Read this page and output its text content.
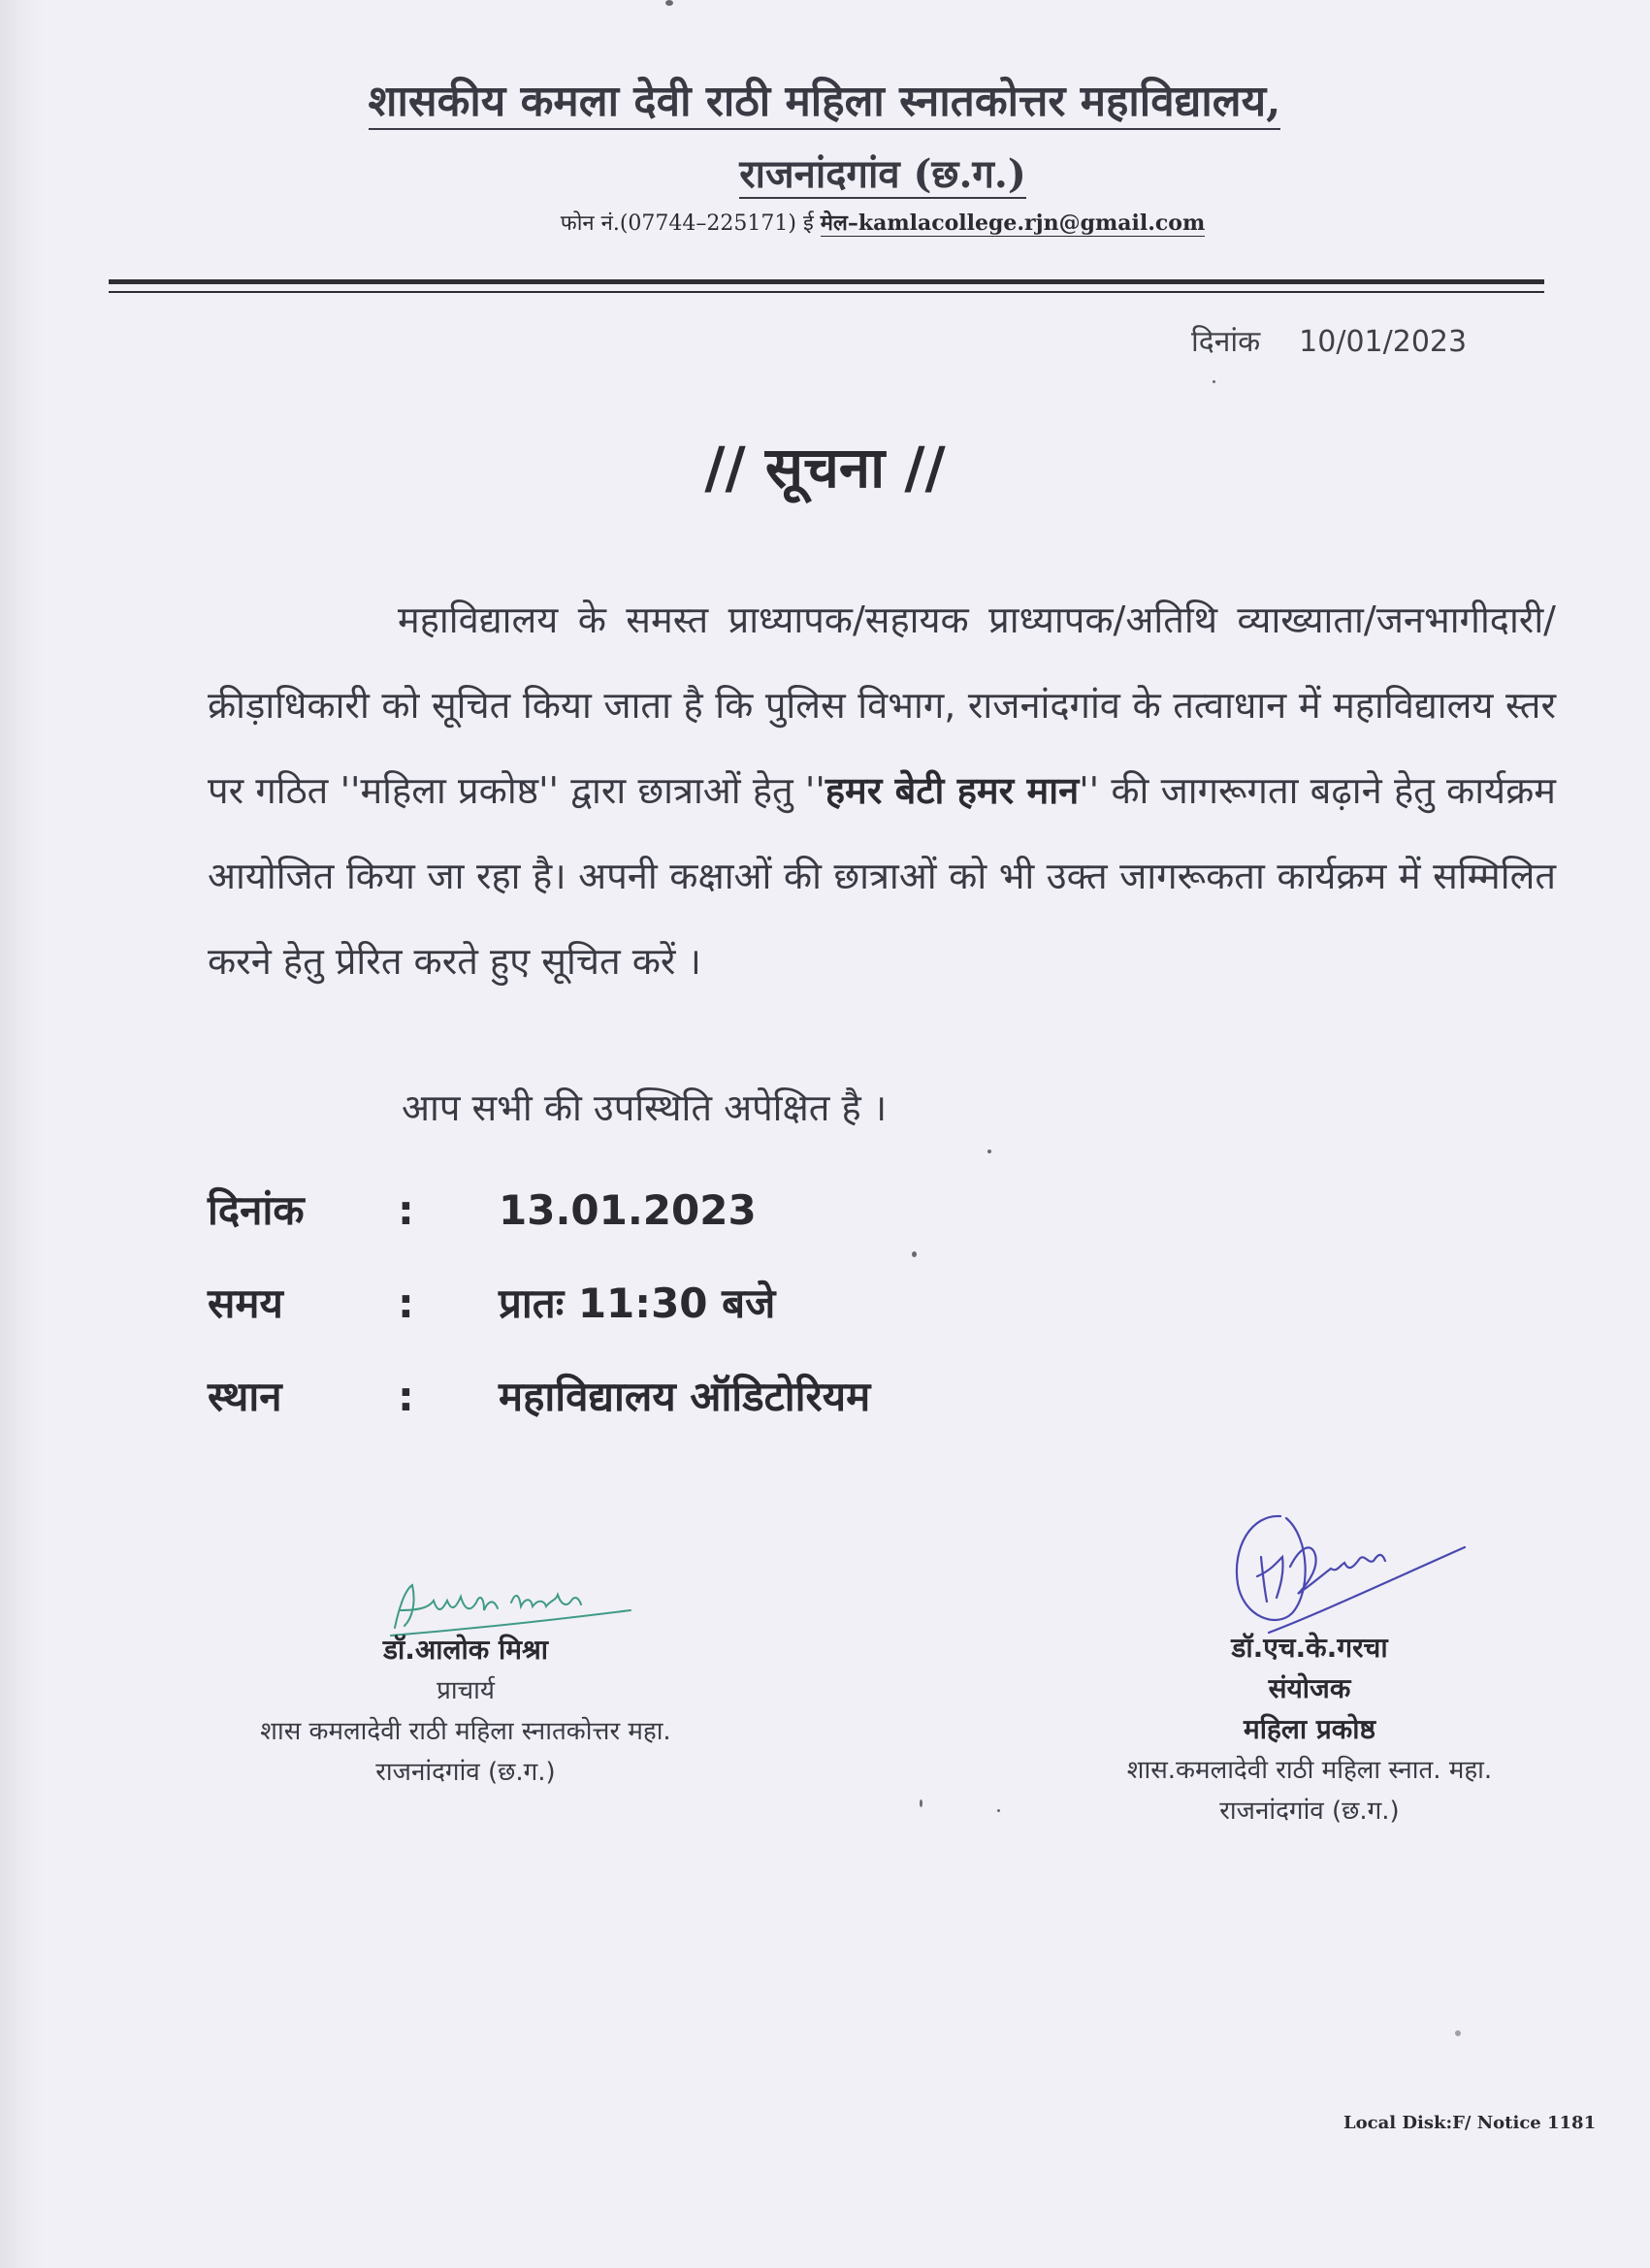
शासकीय कमला देवी राठी महिला स्नातकोत्तर महाविद्यालय,
राजनांदगांव (छ.ग.)
फोन नं.(07744–225171) ई मेल–kamlacollege.rjn@gmail.com
दिनांक 10/01/2023
// सूचना //
महाविद्यालय के समस्त प्राध्यापक/सहायक प्राध्यापक/अतिथि व्याख्याता/जनभागीदारी/क्रीड़ाधिकारी को सूचित किया जाता है कि पुलिस विभाग, राजनांदगांव के तत्वाधान में महाविद्यालय स्तर पर गठित ''महिला प्रकोष्ठ'' द्वारा छात्राओं हेतु ''हमर बेटी हमर मान'' की जागरूगता बढ़ाने हेतु कार्यक्रम आयोजित किया जा रहा है। अपनी कक्षाओं की छात्राओं को भी उक्त जागरूकता कार्यक्रम में सम्मिलित करने हेतु प्रेरित करते हुए सूचित करें ।
आप सभी की उपस्थिति अपेक्षित है ।
दिनांक : 13.01.2023
समय	: प्रातः 11:30 बजे
स्थान	: महाविद्यालय ऑडिटोरियम
डॉ.आलोक मिश्रा
प्राचार्य
शास कमलादेवी राठी महिला स्नातकोत्तर महा.
राजनांदगांव (छ.ग.)
डॉ.एच.के.गरचा
संयोजक
महिला प्रकोष्ठ
शास.कमलादेवी राठी महिला स्नात. महा.
राजनांदगांव (छ.ग.)
Local Disk:F/ Notice 1181
